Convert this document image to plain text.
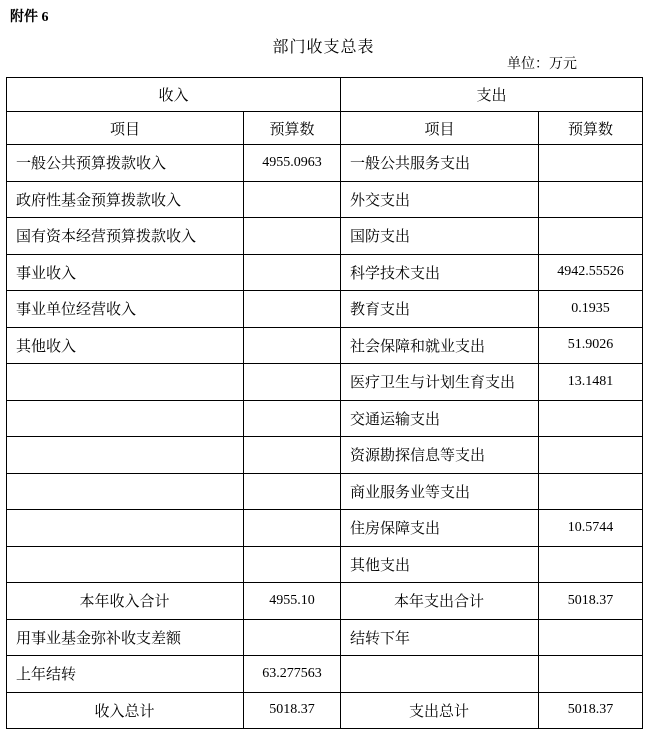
附件 6
部门收支总表
单位：万元
收入		支出	
项目	预算数	项目	预算数
一般公共预算拨款收入	4955.0963	一般公共服务支出	
政府性基金预算拨款收入		外交支出	
国有资本经营预算拨款收入		国防支出	
事业收入		科学技术支出	4942.55526
事业单位经营收入		教育支出	0.1935
其他收入		社会保障和就业支出	51.9026
		医疗卫生与计划生育支出	13.1481
		交通运输支出	
		资源勘探信息等支出	
		商业服务业等支出	
		住房保障支出	10.5744
		其他支出	
本年收入合计	4955.10	本年支出合计	5018.37
用事业基金弥补收支差额		结转下年	
上年结转	63.277563		
收入总计	5018.37	支出总计	5018.37
